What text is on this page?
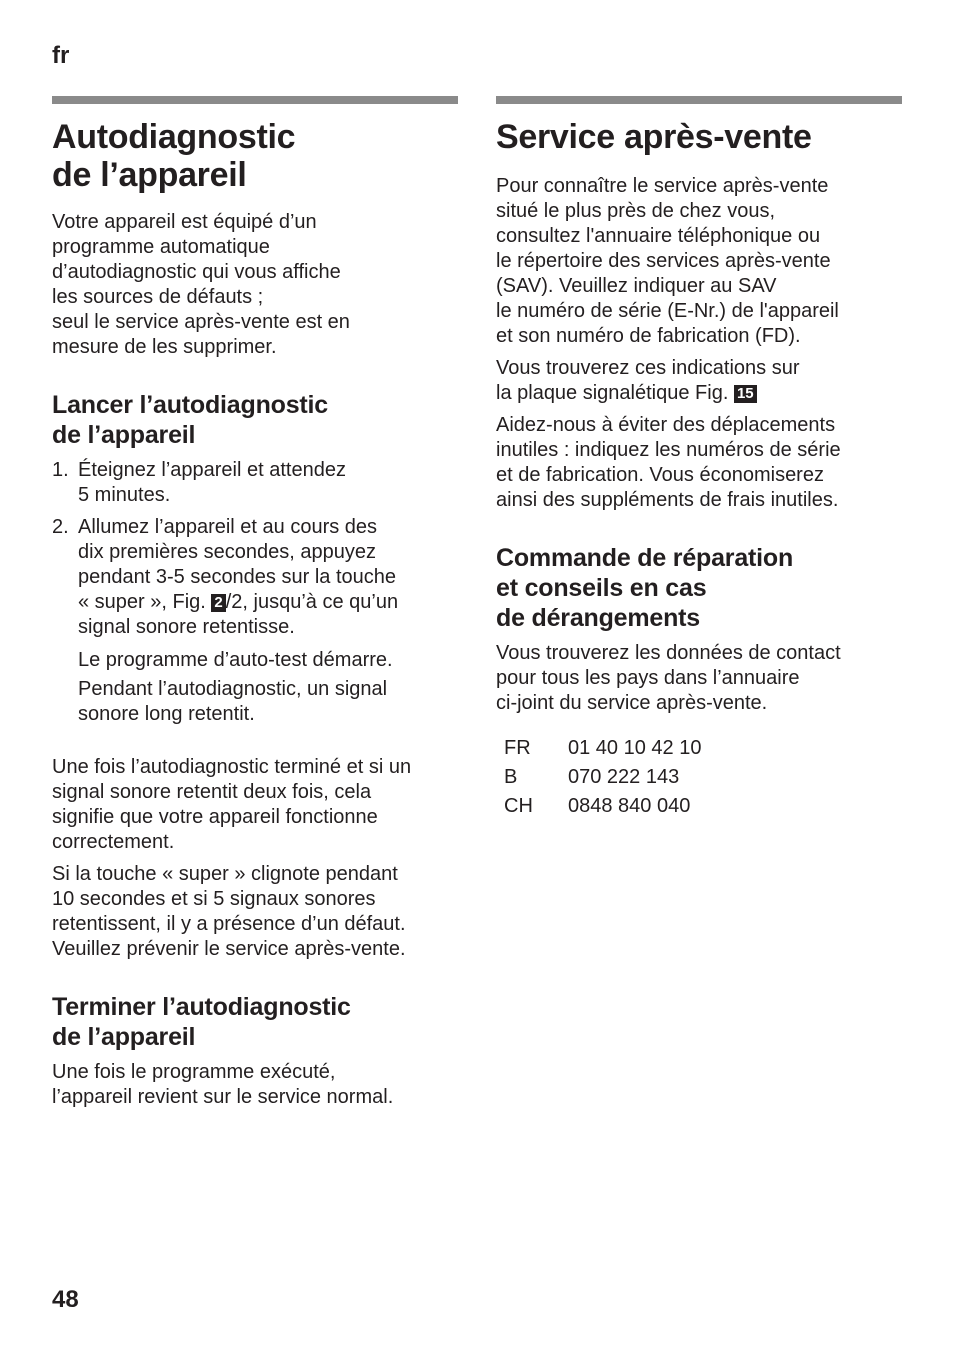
fr
Autodiagnostic
de l’appareil

Votre appareil est équipé d’un
programme automatique
d’autodiagnostic qui vous affiche
les sources de défauts ;
seul le service après-vente est en
mesure de les supprimer.

Lancer l’autodiagnostic
de l’appareil
1. Éteignez l’appareil et attendez
5 minutes.
2. Allumez l’appareil et au cours des
dix premières secondes, appuyez
pendant 3-5 secondes sur la touche
« super », Fig. 2 /2, jusqu’à ce qu’un
signal sonore retentisse.

Le programme d’auto-test démarre.

Pendant l’autodiagnostic, un signal
sonore long retentit.

Une fois l’autodiagnostic terminé et si un
signal sonore retentit deux fois, cela
signifie que votre appareil fonctionne
correctement.

Si la touche « super » clignote pendant
10 secondes et si 5 signaux sonores
retentissent, il y a présence d’un défaut.
Veuillez prévenir le service après-vente.

Terminer l’autodiagnostic
de l’appareil

Une fois le programme exécuté,
l’appareil revient sur le service normal.

Service après-vente

Pour connaître le service après-vente
situé le plus près de chez vous,
consultez l'annuaire téléphonique ou
le répertoire des services après-vente
(SAV). Veuillez indiquer au SAV
le numéro de série (E-Nr.) de l'appareil
et son numéro de fabrication (FD).

Vous trouverez ces indications sur
la plaque signalétique Fig. 15

Aidez-nous à éviter des déplacements
inutiles : indiquez les numéros de série
et de fabrication. Vous économiserez
ainsi des suppléments de frais inutiles.

Commande de réparation
et conseils en cas
de dérangements

Vous trouverez les données de contact
pour tous les pays dans l’annuaire
ci-joint du service après-vente.

FR	01 40 10 42 10
B	070 222 143
CH	0848 840 040
48
